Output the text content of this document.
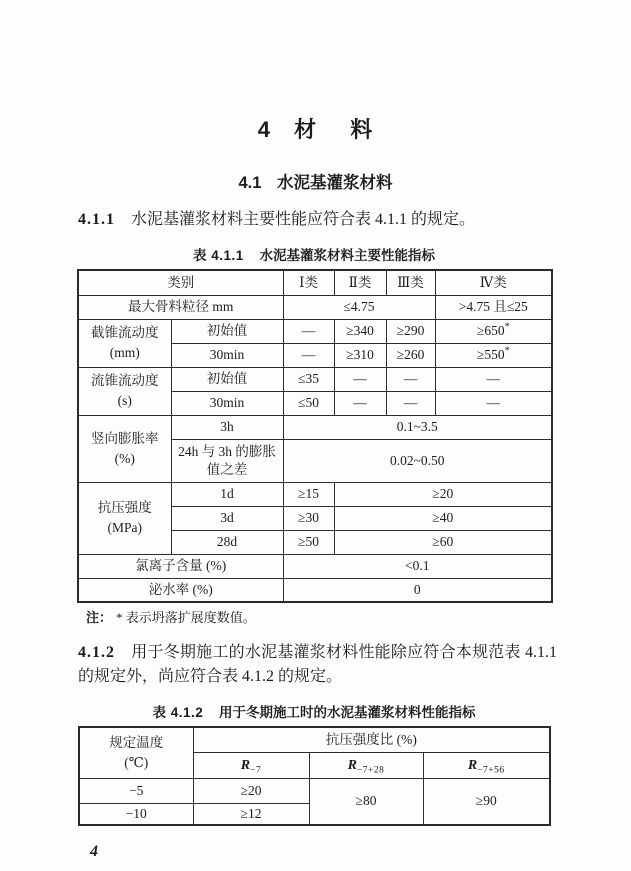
4 材 料
4.1 水泥基灌浆材料

4.1.1 水泥基灌浆材料主要性能应符合表 4.1.1 的规定。

表 4.1.1 水泥基灌浆材料主要性能指标
类别		Ⅰ类	Ⅱ类	Ⅲ类	Ⅳ类
最大骨料粒径 mm		≤4.75			>4.75 且≤25

截锥流动度
(mm)	初始值	—	≥340	≥290	≥650*
	30min	—	≥310	≥260	≥550*

流锥流动度
(s)	初始值	≤35	—	—	—
	30min	≤50	—	—	—

竖向膨胀率
(%)	3h	0.1~3.5			
	24h 与 3h 的膨胀值之差	0.02~0.50			

抗压强度
(MPa)	1d	≥15	≥20		
	3d	≥30	≥40		
	28d	≥50	≥60		
氯离子含量 (%)		<0.1			
泌水率 (%)		0			
注： * 表示坍落扩展度数值。

4.1.2 用于冬期施工的水泥基灌浆材料性能除应符合本规范表 4.1.1 的规定外，尚应符合表 4.1.2 的规定。

表 4.1.2 用于冬期施工时的水泥基灌浆材料性能指标
规定温度
(℃)	抗压强度比 (%)		
	$R_{-7}$	$R_{-7+28}$	$R_{-7+56}$
−5	≥20	≥80	≥90
−10	≥12		
4
